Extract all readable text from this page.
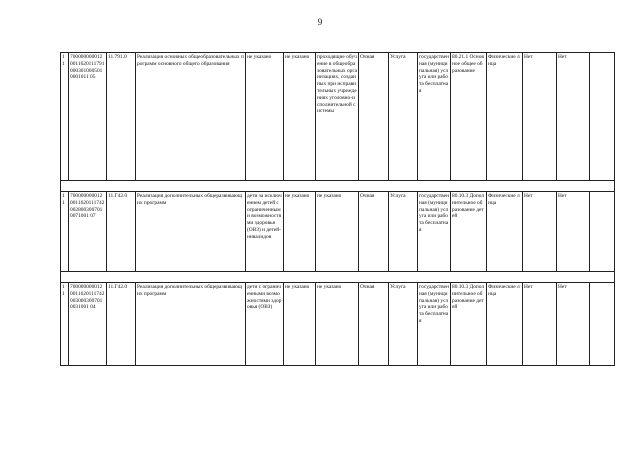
9
11	70000000001200116201117910003010005010001011 05	11.791.0	Реализация основных общеобразовательных программ основного общего образования	не указано	не указано	проходящие обучение в общеобразовательных организациях, созданных при исправительных учреждениях уголовно-исполнительной системы	Очная	Услуга	государственная (муниципальная) услуга или работа бесплатная	80.21.1 Основное общее образование	Физические лица	Нет	Нет	

11	70000000001200116201117420028003007010071001 07	11.Г42.0	Реализация дополнительных общеразвивающих программ	дети за исключением детей с ограниченными возможностями здоровья (ОВЗ) и детей-инвалидов	не указано	не указано	Очная	Услуга	государственная (муниципальная) услуга или работа бесплатная	80.10.3 Дополнительное образование детей	Физические лица	Нет	Нет	

11	70000000001200116201117420030003007010031001 04	11.Г42.0	Реализация дополнительных общеразвивающих программ	дети с ограниченными возможностями здоровья (ОВЗ)	не указано	не указано	Очная	Услуга	государственная (муниципальная) услуга или работа бесплатная	80.10.3 Дополнительное образование детей	Физические лица	Нет	Нет	
